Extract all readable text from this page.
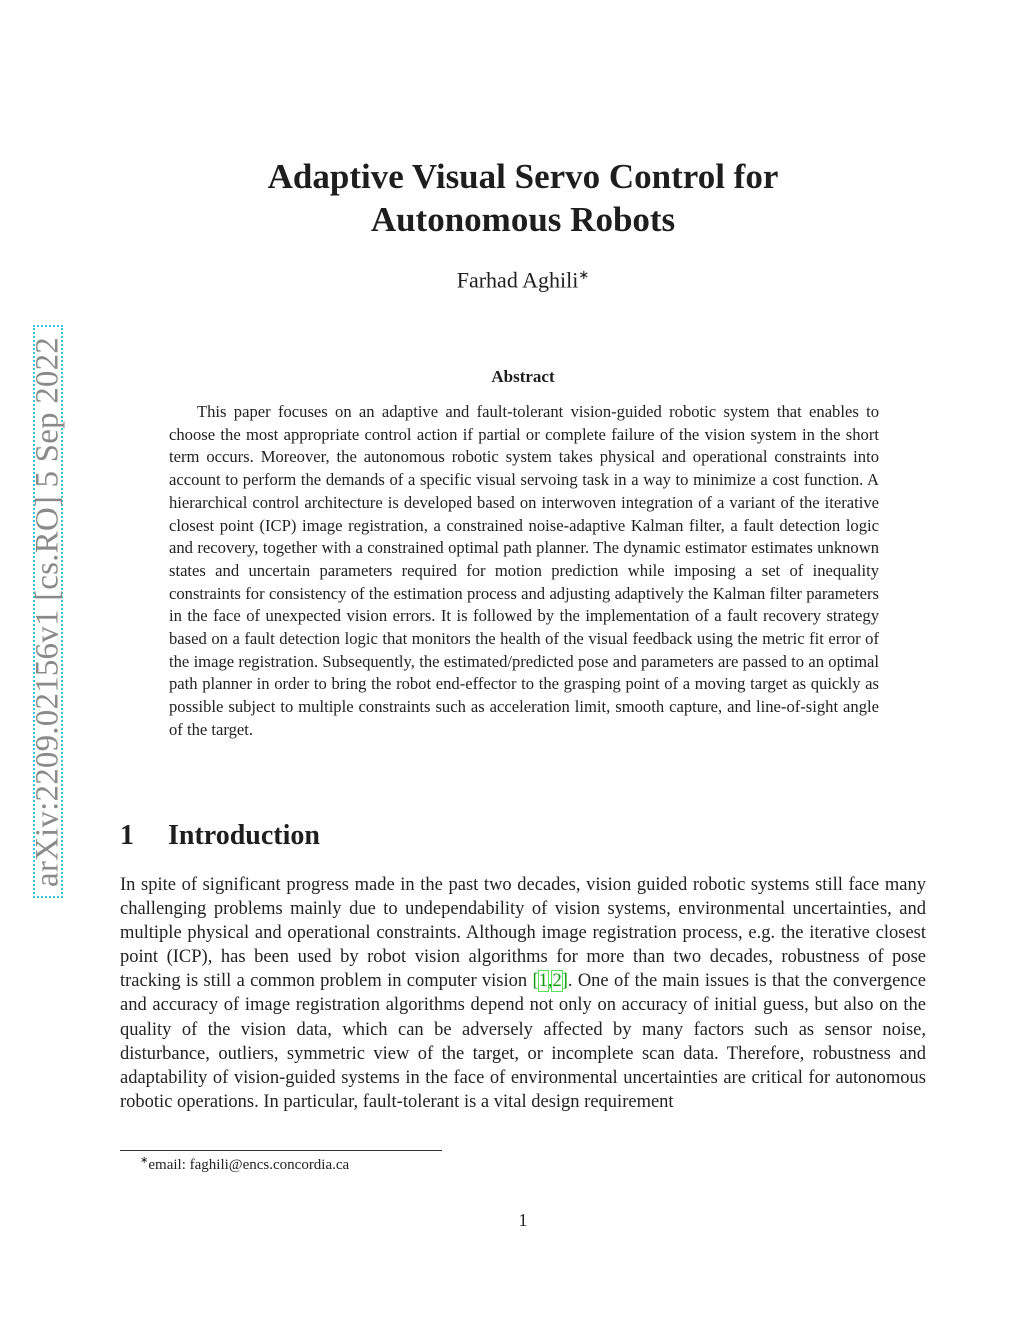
arXiv:2209.02156v1 [cs.RO] 5 Sep 2022
Adaptive Visual Servo Control for
Autonomous Robots
Farhad Aghili∗
Abstract

This paper focuses on an adaptive and fault-tolerant vision-guided robotic system that enables to choose the most appropriate control action if partial or complete failure of the vision system in the short term occurs. Moreover, the autonomous robotic system takes physical and operational constraints into account to perform the demands of a specific visual servoing task in a way to minimize a cost function. A hierarchical control architecture is developed based on interwoven integration of a variant of the iterative closest point (ICP) image registration, a constrained noise-adaptive Kalman filter, a fault detection logic and recovery, together with a constrained optimal path planner. The dynamic estimator estimates unknown states and uncertain parameters required for motion prediction while imposing a set of inequality constraints for consistency of the estimation process and adjusting adaptively the Kalman filter parameters in the face of unexpected vision errors. It is followed by the implementation of a fault recovery strategy based on a fault detection logic that monitors the health of the visual feedback using the metric fit error of the image registration. Subsequently, the estimated/predicted pose and parameters are passed to an optimal path planner in order to bring the robot end-effector to the grasping point of a moving target as quickly as possible subject to multiple constraints such as acceleration limit, smooth capture, and line-of-sight angle of the target.

1 Introduction

In spite of significant progress made in the past two decades, vision guided robotic systems still face many challenging problems mainly due to undependability of vision systems, environmental uncertainties, and multiple physical and operational constraints. Although image registration process, e.g. the iterative closest point (ICP), has been used by robot vision algorithms for more than two decades, robustness of pose tracking is still a common problem in computer vision [1,2]. One of the main issues is that the convergence and accuracy of image registration algorithms depend not only on accuracy of initial guess, but also on the quality of the vision data, which can be adversely affected by many factors such as sensor noise, disturbance, outliers, symmetric view of the target, or incomplete scan data. Therefore, robustness and adaptability of vision-guided systems in the face of environmental uncertainties are critical for autonomous robotic operations. In particular, fault-tolerant is a vital design requirement

∗email: faghili@encs.concordia.ca
1
